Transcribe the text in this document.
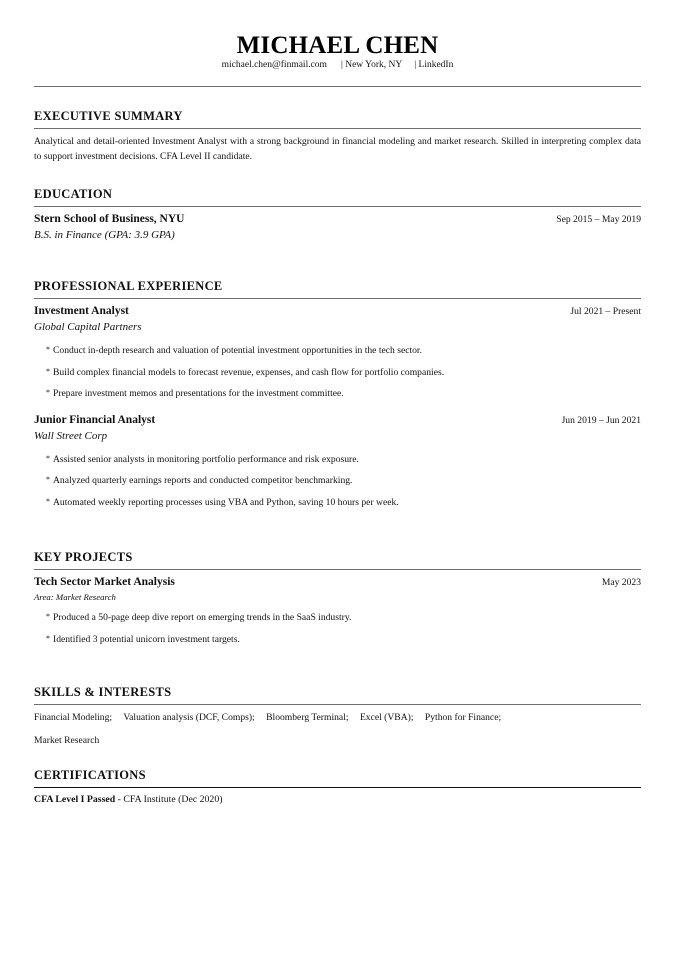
MICHAEL CHEN
michael.chen@finmail.com | New York, NY | LinkedIn
EXECUTIVE SUMMARY
Analytical and detail-oriented Investment Analyst with a strong background in financial modeling and market research. Skilled in interpreting complex data to support investment decisions. CFA Level II candidate.
EDUCATION
Stern School of Business, NYU	Sep 2015 – May 2019
B.S. in Finance (GPA: 3.9 GPA)
PROFESSIONAL EXPERIENCE
Investment Analyst	Jul 2021 – Present
Global Capital Partners
* Conduct in-depth research and valuation of potential investment opportunities in the tech sector.
* Build complex financial models to forecast revenue, expenses, and cash flow for portfolio companies.
* Prepare investment memos and presentations for the investment committee.
Junior Financial Analyst	Jun 2019 – Jun 2021
Wall Street Corp
* Assisted senior analysts in monitoring portfolio performance and risk exposure.
* Analyzed quarterly earnings reports and conducted competitor benchmarking.
* Automated weekly reporting processes using VBA and Python, saving 10 hours per week.
KEY PROJECTS
Tech Sector Market Analysis	May 2023
Area: Market Research
* Produced a 50-page deep dive report on emerging trends in the SaaS industry.
* Identified 3 potential unicorn investment targets.
SKILLS & INTERESTS
Financial Modeling; Valuation analysis (DCF, Comps); Bloomberg Terminal; Excel (VBA); Python for Finance;
Market Research
CERTIFICATIONS
CFA Level I Passed - CFA Institute (Dec 2020)
